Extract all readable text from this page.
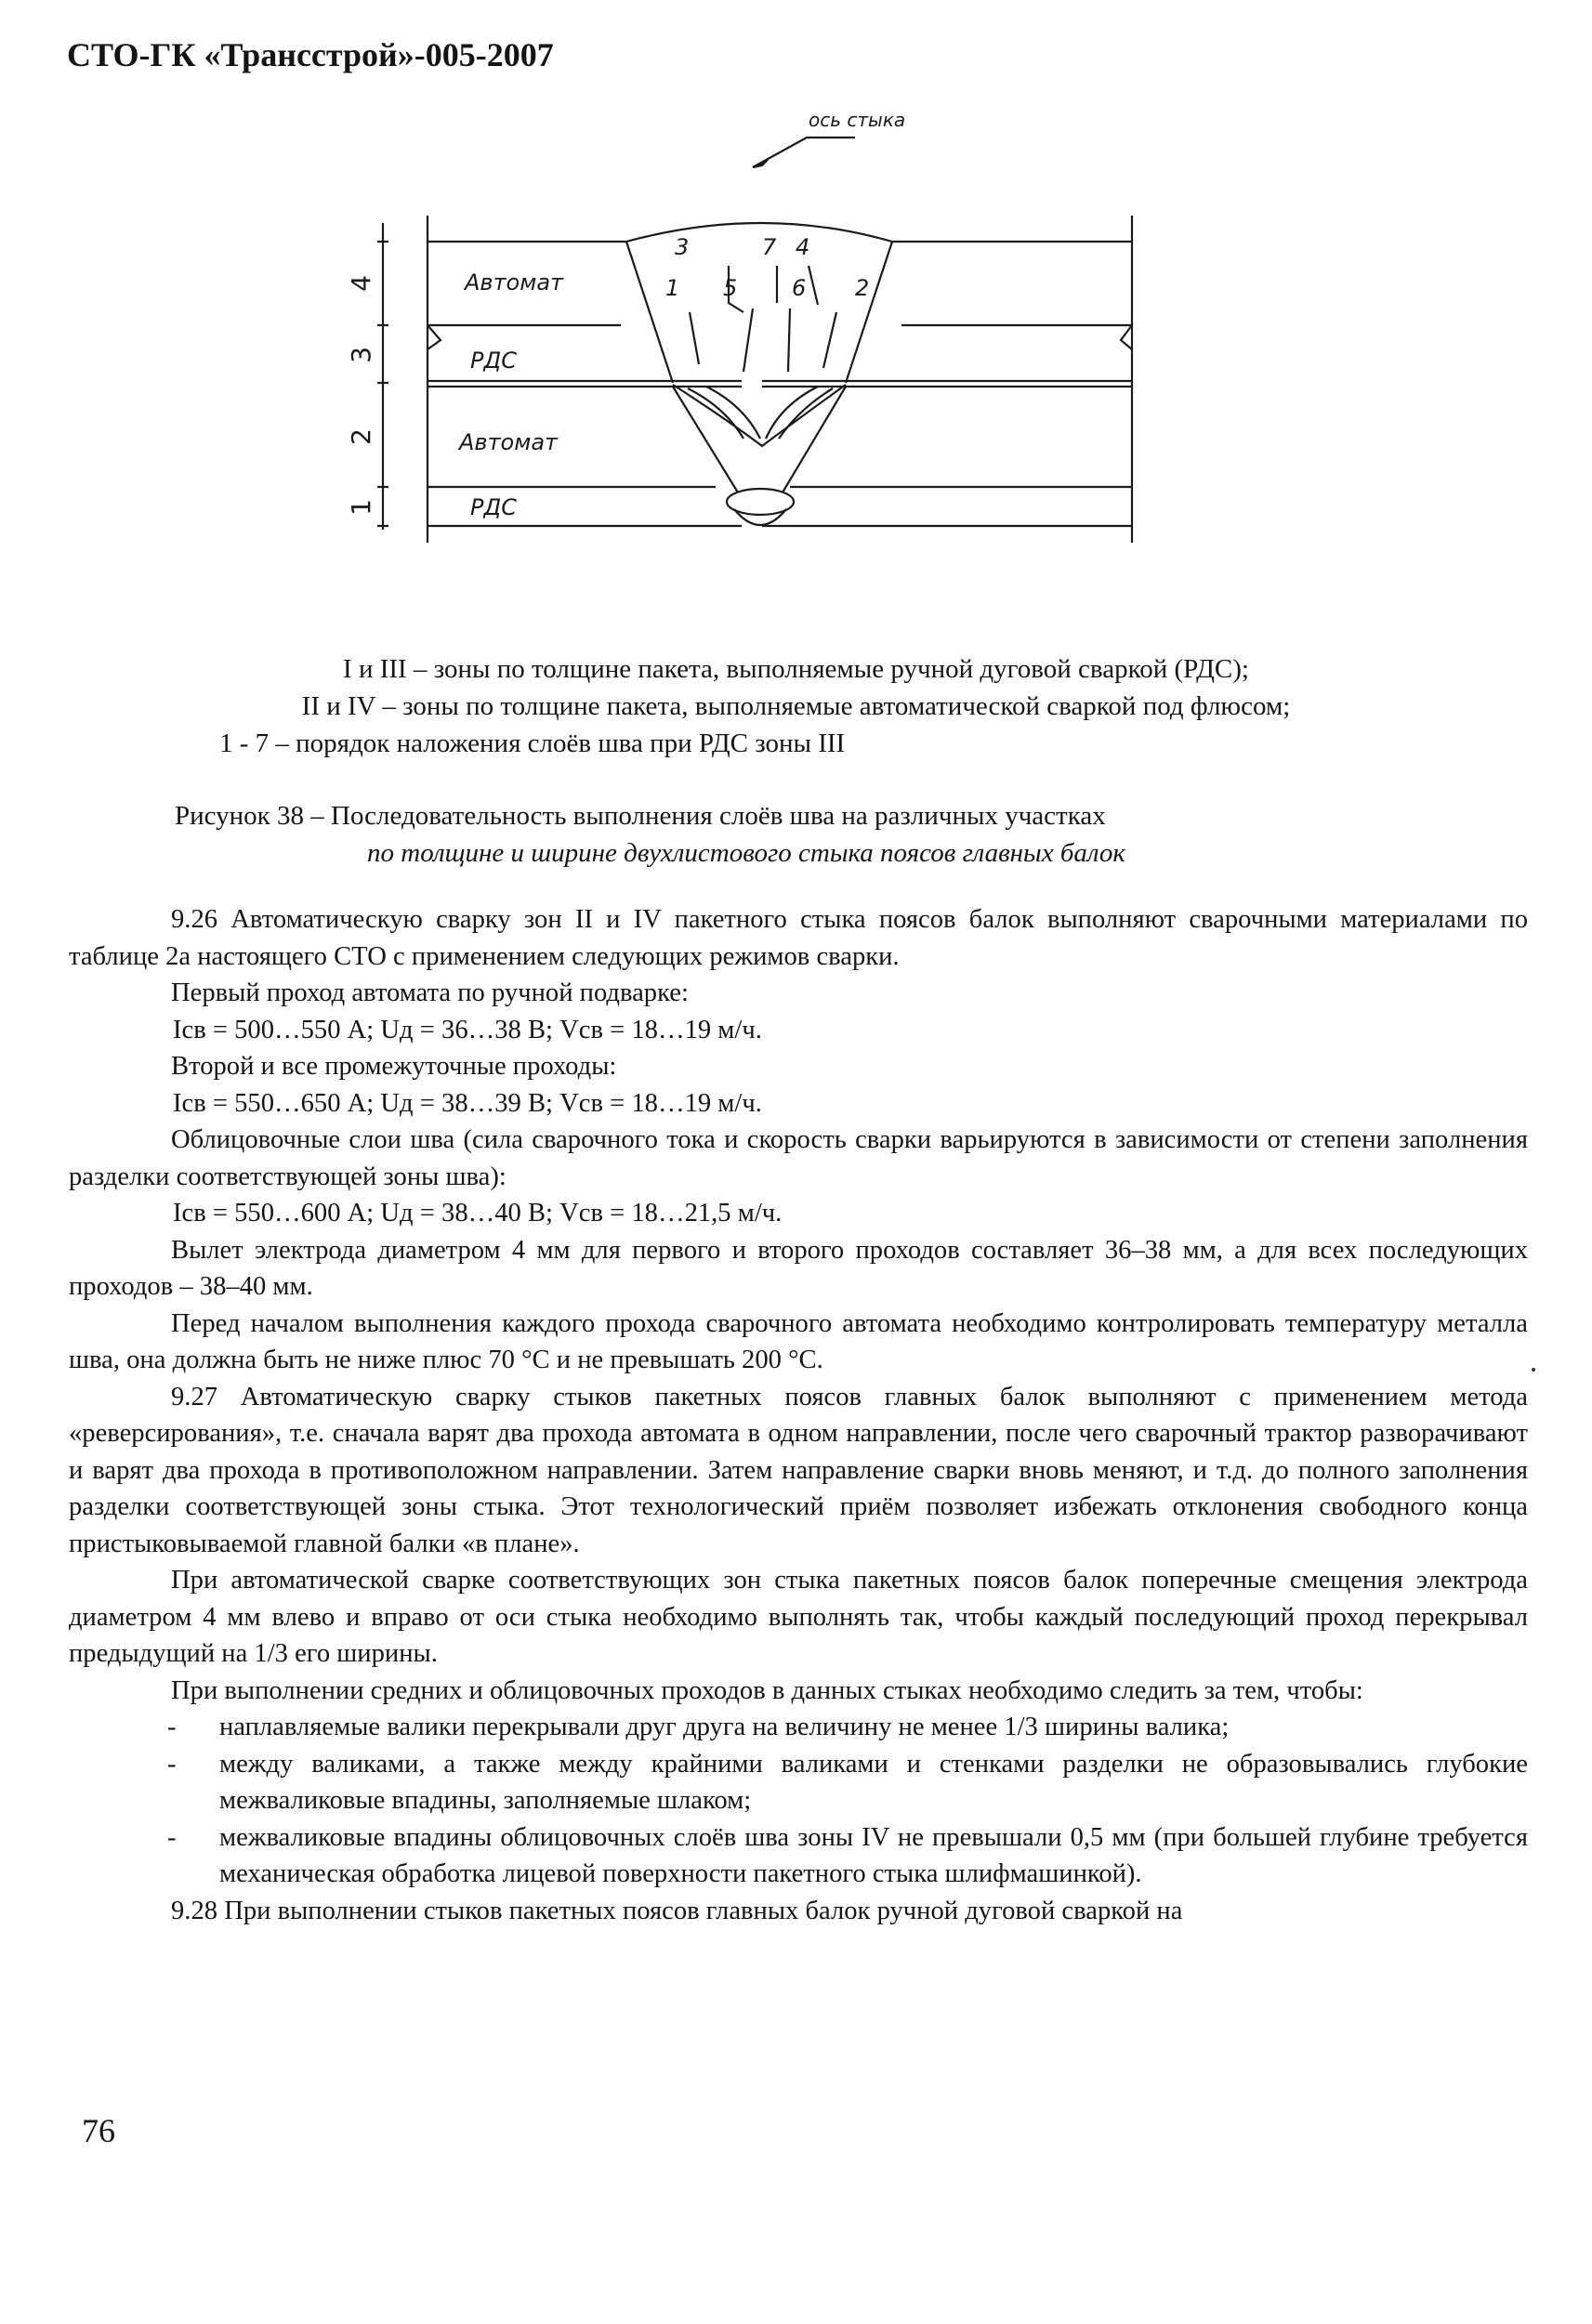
СТО-ГК «Трансстрой»-005-2007
4
3
2
1
Автомат
РДС
Автомат
РДС
ось стыка
3	7 4
1 5 6 2
I и III – зоны по толщине пакета, выполняемые ручной дуговой сваркой (РДС);
II и IV – зоны по толщине пакета, выполняемые автоматической сваркой под флюсом;
1 - 7 – порядок наложения слоёв шва при РДС зоны III
Рисунок 38 – Последовательность выполнения слоёв шва на различных участках
по толщине и ширине двухлистового стыка поясов главных балок

9.26 Автоматическую сварку зон II и IV пакетного стыка поясов балок выполняют сварочными материалами по таблице 2а настоящего СТО с применением следующих режимов сварки.

Первый проход автомата по ручной подварке:

Iсв = 500…550 А; Uд = 36…38 В; Vсв = 18…19 м/ч.

Второй и все промежуточные проходы:

Iсв = 550…650 А; Uд = 38…39 В; Vсв = 18…19 м/ч.

Облицовочные слои шва (сила сварочного тока и скорость сварки варьируются в зависимости от степени заполнения разделки соответствующей зоны шва):

Iсв = 550…600 А; Uд = 38…40 В; Vсв = 18…21,5 м/ч.

Вылет электрода диаметром 4 мм для первого и второго проходов составляет 36–38 мм, а для всех последующих проходов – 38–40 мм.

Перед началом выполнения каждого прохода сварочного автомата необходимо контролировать температуру металла шва, она должна быть не ниже плюс 70 °С и не превышать 200 °С.

9.27 Автоматическую сварку стыков пакетных поясов главных балок выполняют с применением метода «реверсирования», т.е. сначала варят два прохода автомата в одном направлении, после чего сварочный трактор разворачивают и варят два прохода в противоположном направлении. Затем направление сварки вновь меняют, и т.д. до полного заполнения разделки соответствующей зоны стыка. Этот технологический приём позволяет избежать отклонения свободного конца пристыковываемой главной балки «в плане».

При автоматической сварке соответствующих зон стыка пакетных поясов балок поперечные смещения электрода диаметром 4 мм влево и вправо от оси стыка необходимо выполнять так, чтобы каждый последующий проход перекрывал предыдущий на 1/3 его ширины.

При выполнении средних и облицовочных проходов в данных стыках необходимо следить за тем, чтобы:

- наплавляемые валики перекрывали друг друга на величину не менее 1/3 ширины валика;
- между валиками, а также между крайними валиками и стенками разделки не образовывались глубокие межваликовые впадины, заполняемые шлаком;
- межваликовые впадины облицовочных слоёв шва зоны IV не превышали 0,5 мм (при большей глубине требуется механическая обработка лицевой поверхности пакетного стыка шлифмашинкой).

9.28 При выполнении стыков пакетных поясов главных балок ручной дуговой сваркой на

76
